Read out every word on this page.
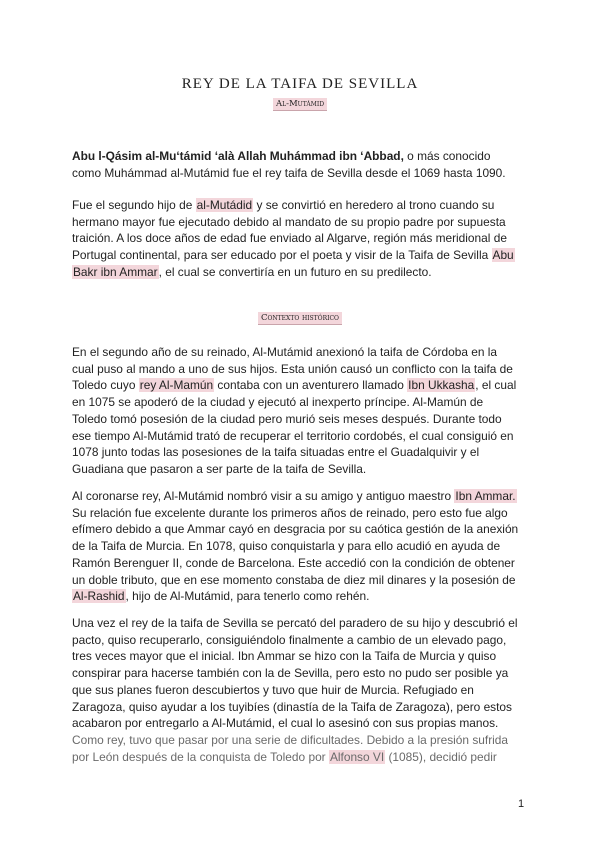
REY DE LA TAIFA DE SEVILLA
Al-Mutámid
Abu l-Qásim al-Mu‘támid ‘alà Allah Muhámmad ibn ‘Abbad, o más conocido
como Muhámmad al-Mutámid fue el rey taifa de Sevilla desde el 1069 hasta 1090.
Fue el segundo hijo de al-Mutádid y se convirtió en heredero al trono cuando su
hermano mayor fue ejecutado debido al mandato de su propio padre por supuesta
traición. A los doce años de edad fue enviado al Algarve, región más meridional de
Portugal continental, para ser educado por el poeta y visir de la Taifa de Sevilla Abu
Bakr ibn Ammar, el cual se convertiría en un futuro en su predilecto.
Contexto histórico
En el segundo año de su reinado, Al-Mutámid anexionó la taifa de Córdoba en la
cual puso al mando a uno de sus hijos. Esta unión causó un conflicto con la taifa de
Toledo cuyo rey Al-Mamún contaba con un aventurero llamado Ibn Ukkasha, el cual
en 1075 se apoderó de la ciudad y ejecutó al inexperto príncipe. Al-Mamún de
Toledo tomó posesión de la ciudad pero murió seis meses después. Durante todo
ese tiempo Al-Mutámid trató de recuperar el territorio cordobés, el cual consiguió en
1078 junto todas las posesiones de la taifa situadas entre el Guadalquivir y el
Guadiana que pasaron a ser parte de la taifa de Sevilla.
Al coronarse rey, Al-Mutámid nombró visir a su amigo y antiguo maestro Ibn Ammar.
Su relación fue excelente durante los primeros años de reinado, pero esto fue algo
efímero debido a que Ammar cayó en desgracia por su caótica gestión de la anexión
de la Taifa de Murcia. En 1078, quiso conquistarla y para ello acudió en ayuda de
Ramón Berenguer II, conde de Barcelona. Este accedió con la condición de obtener
un doble tributo, que en ese momento constaba de diez mil dinares y la posesión de
Al-Rashid, hijo de Al-Mutámid, para tenerlo como rehén.
Una vez el rey de la taifa de Sevilla se percató del paradero de su hijo y descubrió el
pacto, quiso recuperarlo, consiguiéndolo finalmente a cambio de un elevado pago,
tres veces mayor que el inicial. Ibn Ammar se hizo con la Taifa de Murcia y quiso
conspirar para hacerse también con la de Sevilla, pero esto no pudo ser posible ya
que sus planes fueron descubiertos y tuvo que huir de Murcia. Refugiado en
Zaragoza, quiso ayudar a los tuyibíes (dinastía de la Taifa de Zaragoza), pero estos
acabaron por entregarlo a Al-Mutámid, el cual lo asesinó con sus propias manos.
Como rey, tuvo que pasar por una serie de dificultades. Debido a la presión sufrida
por León después de la conquista de Toledo por Alfonso VI (1085), decidió pedir
1
